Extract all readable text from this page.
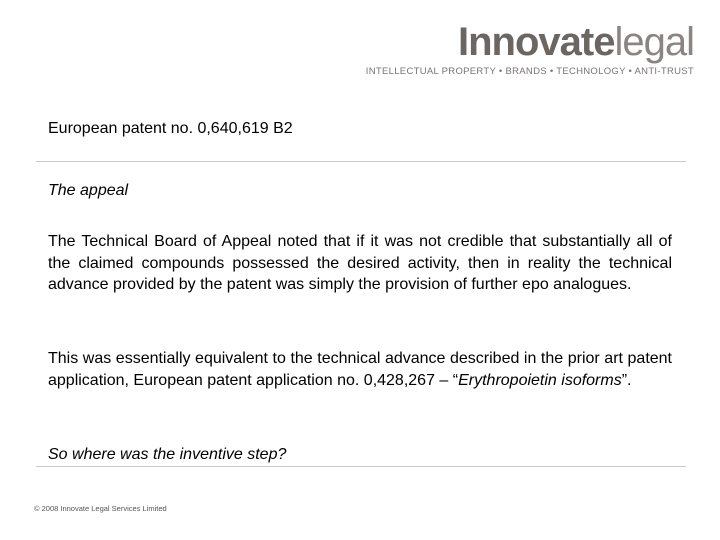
Innovatelegal
INTELLECTUAL PROPERTY • BRANDS • TECHNOLOGY • ANTI-TRUST
European patent no. 0,640,619 B2

The appeal

The Technical Board of Appeal noted that if it was not credible that substantially all of the claimed compounds possessed the desired activity, then in reality the technical advance provided by the patent was simply the provision of further epo analogues.

This was essentially equivalent to the technical advance described in the prior art patent application, European patent application no. 0,428,267 – “Erythropoietin isoforms”.

So where was the inventive step?

© 2008 Innovate Legal Services Limited
